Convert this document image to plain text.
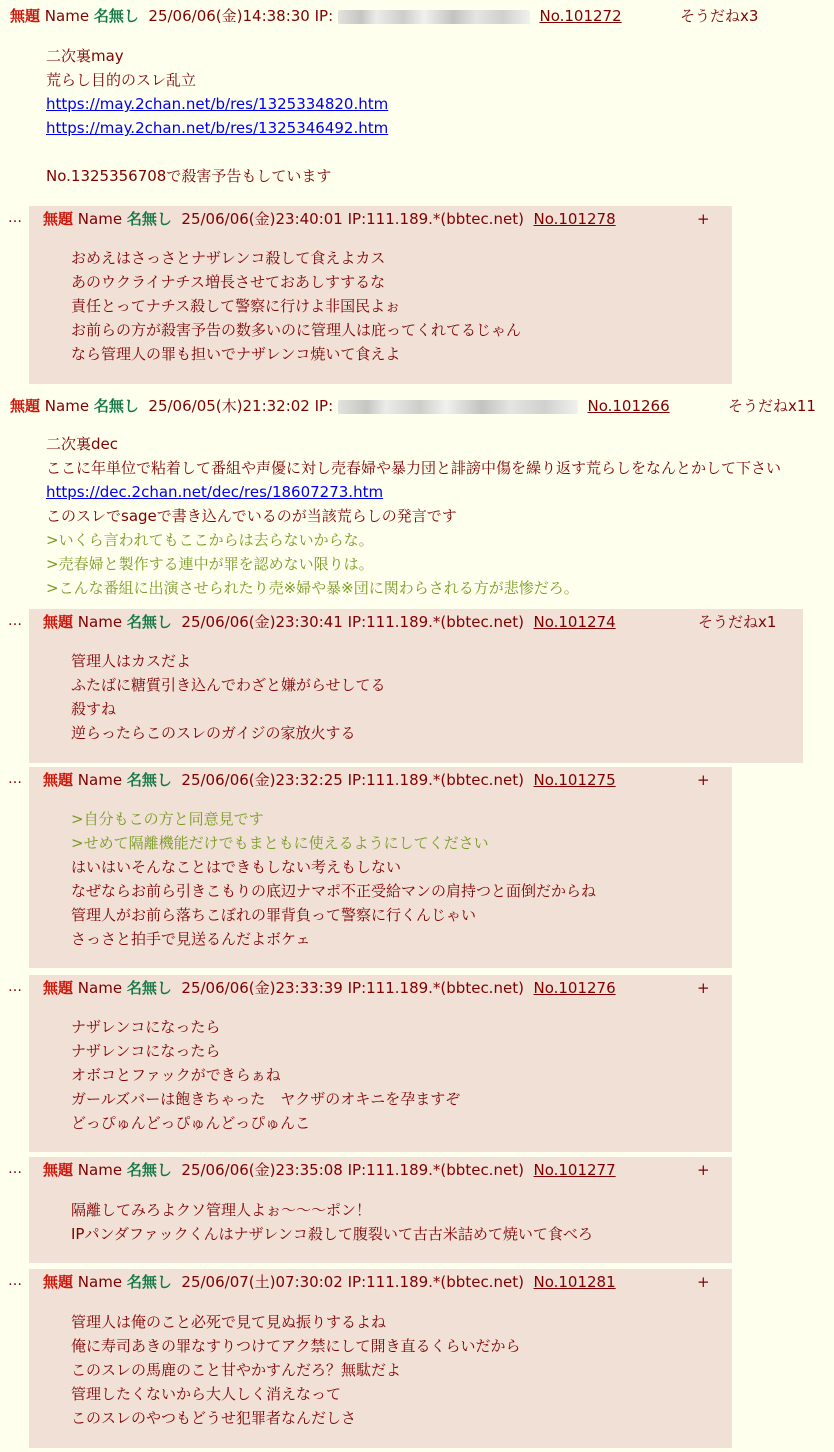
無題 Name 名無し 25/06/06(金)14:38:30 IP:	No.101272	そうだねx3
二次裏may
荒らし目的のスレ乱立
https://may.2chan.net/b/res/1325334820.htm
https://may.2chan.net/b/res/1325346492.htm
No.1325356708で殺害予告もしています
… 無題 Name 名無し 25/06/06(金)23:40:01 IP:111.189.*(bbtec.net) No.101278	+
おめえはさっさとナザレンコ殺して食えよカス
あのウクライナチス増長させておあしすするな
責任とってナチス殺して警察に行けよ非国民よぉ
お前らの方が殺害予告の数多いのに管理人は庇ってくれてるじゃん
なら管理人の罪も担いでナザレンコ焼いて食えよ
無題 Name 名無し 25/06/05(木)21:32:02 IP:	No.101266	そうだねx11
二次裏dec
ここに年単位で粘着して番組や声優に対し売春婦や暴力団と誹謗中傷を繰り返す荒らしをなんとかして下さい
https://dec.2chan.net/dec/res/18607273.htm
このスレでsageで書き込んでいるのが当該荒らしの発言です
>いくら言われてもここからは去らないからな。
>売春婦と製作する連中が罪を認めない限りは。
>こんな番組に出演させられたり売※婦や暴※団に関わらされる方が悲惨だろ。
… 無題 Name 名無し 25/06/06(金)23:30:41 IP:111.189.*(bbtec.net) No.101274	そうだねx1
管理人はカスだよ
ふたばに糖質引き込んでわざと嫌がらせしてる
殺すね
逆らったらこのスレのガイジの家放火する
… 無題 Name 名無し 25/06/06(金)23:32:25 IP:111.189.*(bbtec.net) No.101275	+
>自分もこの方と同意見です
>せめて隔離機能だけでもまともに使えるようにしてください
はいはいそんなことはできもしない考えもしない
なぜならお前ら引きこもりの底辺ナマポ不正受給マンの肩持つと面倒だからね
管理人がお前ら落ちこぼれの罪背負って警察に行くんじゃい
さっさと拍手で見送るんだよボケェ
… 無題 Name 名無し 25/06/06(金)23:33:39 IP:111.189.*(bbtec.net) No.101276	+
ナザレンコになったら
ナザレンコになったら
オボコとファックができらぁね
ガールズバーは飽きちゃった　ヤクザのオキニを孕ますぞ
どっぴゅんどっぴゅんどっぴゅんこ
… 無題 Name 名無し 25/06/06(金)23:35:08 IP:111.189.*(bbtec.net) No.101277	+
隔離してみろよクソ管理人よぉ～～～ポン！
IPパンダファックくんはナザレンコ殺して腹裂いて古古米詰めて焼いて食べろ
… 無題 Name 名無し 25/06/07(土)07:30:02 IP:111.189.*(bbtec.net) No.101281	+
管理人は俺のこと必死で見て見ぬ振りするよね
俺に寿司あきの罪なすりつけてアク禁にして開き直るくらいだから
このスレの馬鹿のこと甘やかすんだろ？無駄だよ
管理したくないから大人しく消えなって
このスレのやつもどうせ犯罪者なんだしさ
